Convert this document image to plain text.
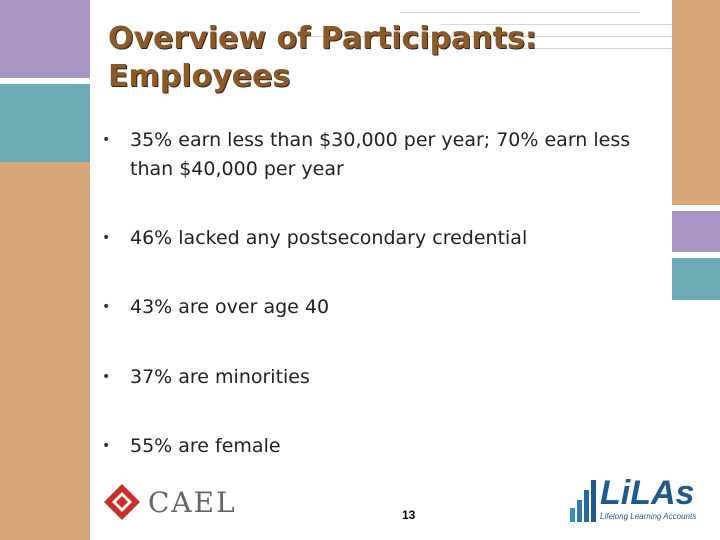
Overview of Participants: Employees
• 35% earn less than $30,000 per year; 70% earn less than $40,000 per year
• 46% lacked any postsecondary credential
• 43% are over age 40
• 37% are minorities
• 55% are female
CAEL	13
LiLAs
Lifelong Learning Accounts
